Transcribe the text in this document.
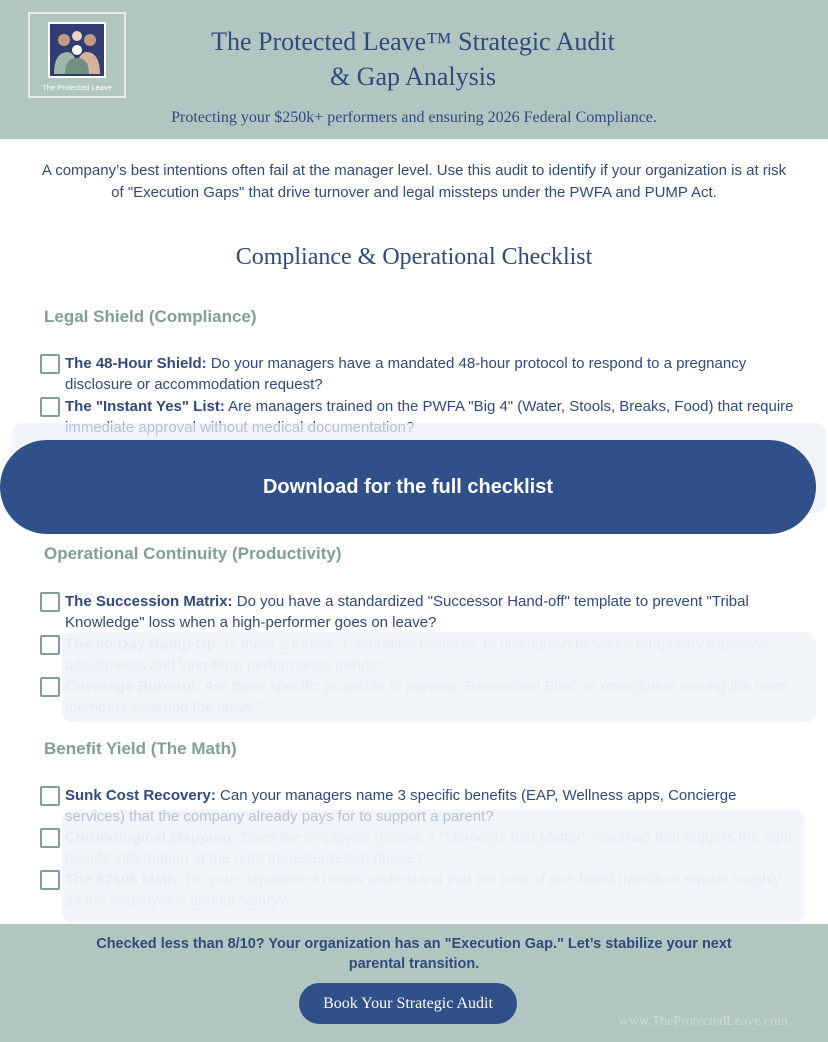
The Protected Leave
The Protected Leave™ Strategic Audit
& Gap Analysis
Protecting your $250k+ performers and ensuring 2026 Federal Compliance.
A company’s best intentions often fail at the manager level. Use this audit to identify if your organization is at risk of "Execution Gaps" that drive turnover and legal missteps under the PWFA and PUMP Act.
Compliance & Operational Checklist
Legal Shield (Compliance)
The 48-Hour Shield: Do your managers have a mandated 48-hour protocol to respond to a pregnancy disclosure or accommodation request?
The "Instant Yes" List: Are managers trained on the PWFA "Big 4" (Water, Stools, Breaks, Food) that require
Download for the full checklist
Operational Continuity (Productivity)
The Succession Matrix: Do you have a standardized "Successor Hand-off" template to prevent "Tribal Knowledge" loss when a high-performer goes on leave?
Benefit Yield (The Math)
Sunk Cost Recovery: Can your managers name 3 specific benefits (EAP, Wellness apps, Concierge
Checked less than 8/10? Your organization has an "Execution Gap." Let’s stabilize your next
parental transition.
Book Your Strategic Audit
www.TheProtectedLeave.com
